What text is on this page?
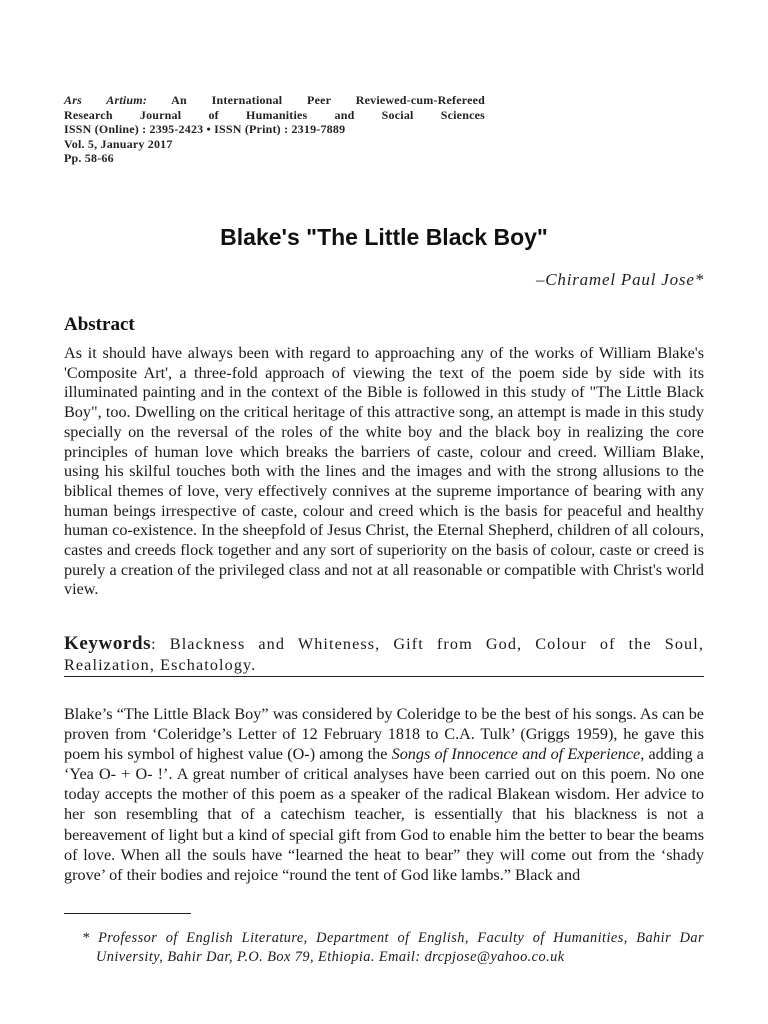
Ars Artium: An International Peer Reviewed-cum-Refereed
Research Journal of Humanities and Social Sciences
ISSN (Online) : 2395-2423 • ISSN (Print) : 2319-7889
Vol. 5, January 2017
Pp. 58-66
Blake's "The Little Black Boy"
–Chiramel Paul Jose*
Abstract
As it should have always been with regard to approaching any of the works of William Blake's 'Composite Art', a three-fold approach of viewing the text of the poem side by side with its illuminated painting and in the context of the Bible is followed in this study of "The Little Black Boy", too. Dwelling on the critical heritage of this attractive song, an attempt is made in this study specially on the reversal of the roles of the white boy and the black boy in realizing the core principles of human love which breaks the barriers of caste, colour and creed. William Blake, using his skilful touches both with the lines and the images and with the strong allusions to the biblical themes of love, very effectively connives at the supreme importance of bearing with any human beings irrespective of caste, colour and creed which is the basis for peaceful and healthy human co-existence. In the sheepfold of Jesus Christ, the Eternal Shepherd, children of all colours, castes and creeds flock together and any sort of superiority on the basis of colour, caste or creed is purely a creation of the privileged class and not at all reasonable or compatible with Christ's world view.
Keywords: Blackness and Whiteness, Gift from God, Colour of the Soul, Realization, Eschatology.
Blake’s “The Little Black Boy” was considered by Coleridge to be the best of his songs. As can be proven from ‘Coleridge’s Letter of 12 February 1818 to C.A. Tulk’ (Griggs 1959), he gave this poem his symbol of highest value (O-) among the Songs of Innocence and of Experience, adding a ‘Yea O- + O- !’. A great number of critical analyses have been carried out on this poem. No one today accepts the mother of this poem as a speaker of the radical Blakean wisdom. Her advice to her son resembling that of a catechism teacher, is essentially that his blackness is not a bereavement of light but a kind of special gift from God to enable him the better to bear the beams of love. When all the souls have “learned the heat to bear” they will come out from the ‘shady grove’ of their bodies and rejoice “round the tent of God like lambs.” Black and
* Professor of English Literature, Department of English, Faculty of Humanities, Bahir Dar University, Bahir Dar, P.O. Box 79, Ethiopia. Email: drcpjose@yahoo.co.uk
